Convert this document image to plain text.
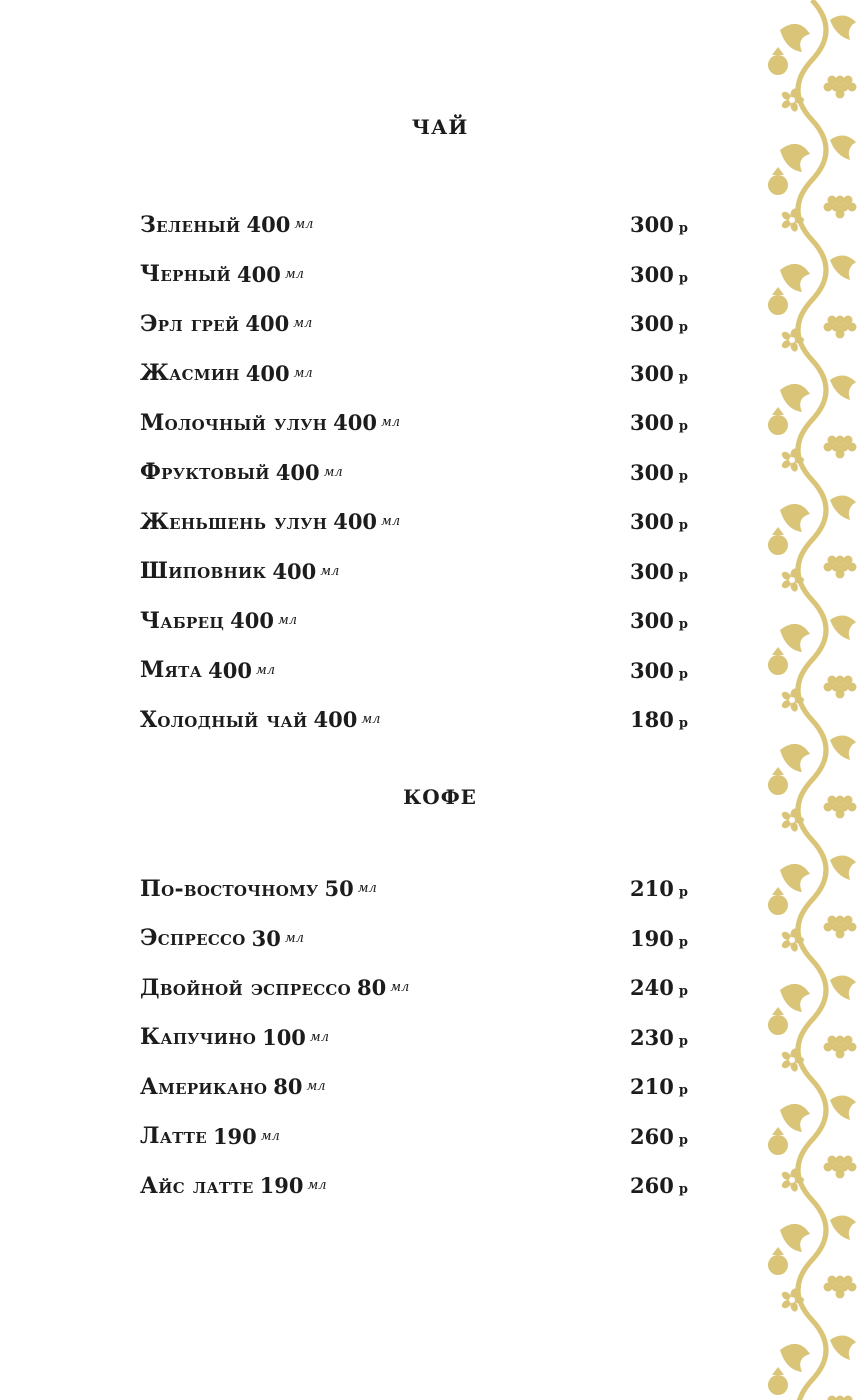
чай
Зеленый 400 мл	300 р
Черный 400 мл	300 р
Эрл грей 400 мл	300 р
Жасмин 400 мл	300 р
Молочный улун 400 мл	300 р
Фруктовый 400 мл	300 р
Женьшень улун 400 мл	300 р
Шиповник 400 мл	300 р
Чабрец 400 мл	300 р
Мята 400 мл	300 р
Холодный чай 400 мл	180 р
кофе
По-восточному 50 мл	210 р
Эспрессо 30 мл	190 р
Двойной эспрессо 80 мл	240 р
Капучино 100 мл	230 р
Американо 80 мл	210 р
Латте 190 мл	260 р
Айс латте 190 мл	260 р
